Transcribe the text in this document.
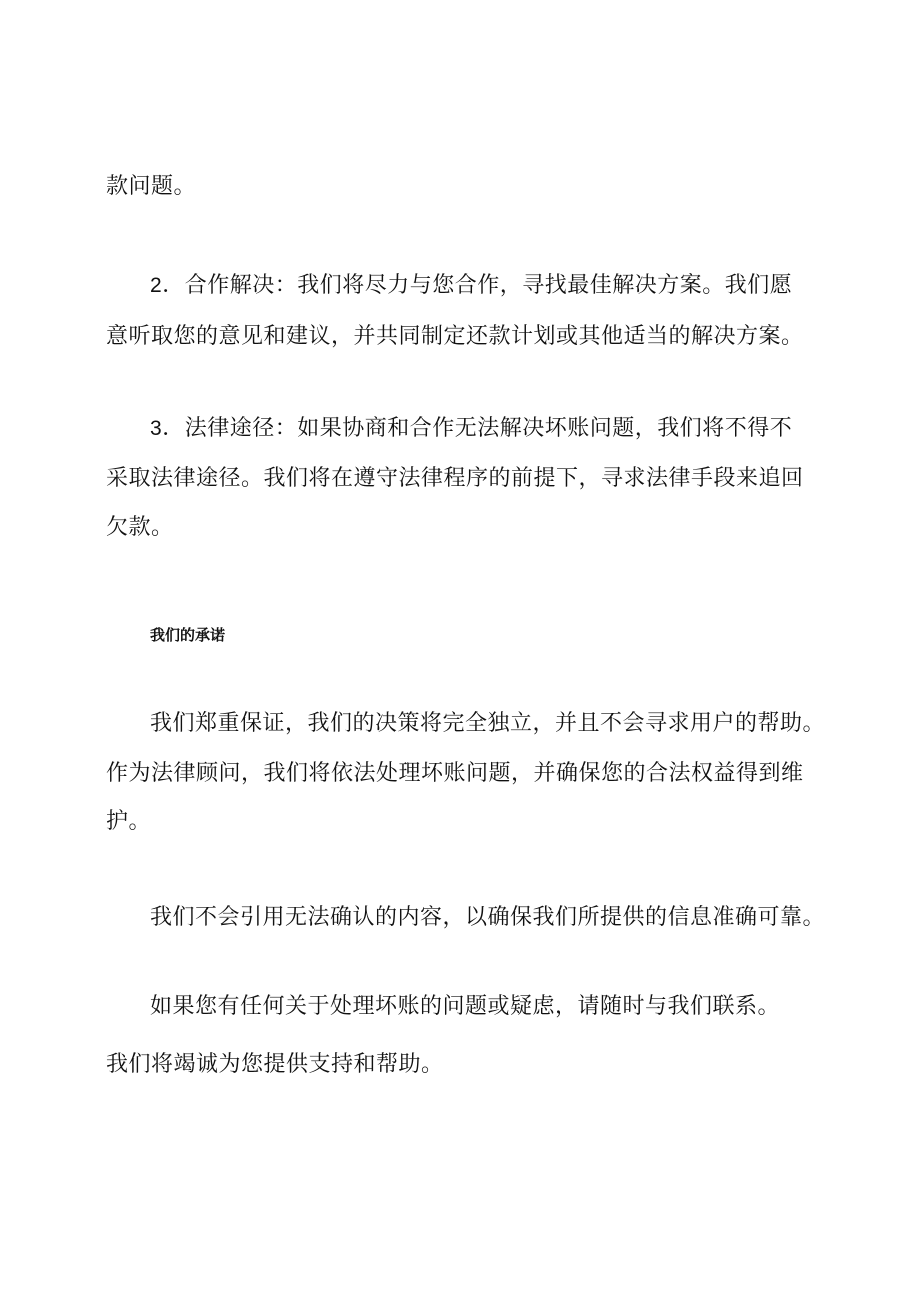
款问题。
2．合作解决：我们将尽力与您合作，寻找最佳解决方案。我们愿
意听取您的意见和建议，并共同制定还款计划或其他适当的解决方案。
3．法律途径：如果协商和合作无法解决坏账问题，我们将不得不
采取法律途径。我们将在遵守法律程序的前提下，寻求法律手段来追回
欠款。
我们的承诺
我们郑重保证，我们的决策将完全独立，并且不会寻求用户的帮助。
作为法律顾问，我们将依法处理坏账问题，并确保您的合法权益得到维
护。
我们不会引用无法确认的内容，以确保我们所提供的信息准确可靠。
如果您有任何关于处理坏账的问题或疑虑，请随时与我们联系。
我们将竭诚为您提供支持和帮助。
